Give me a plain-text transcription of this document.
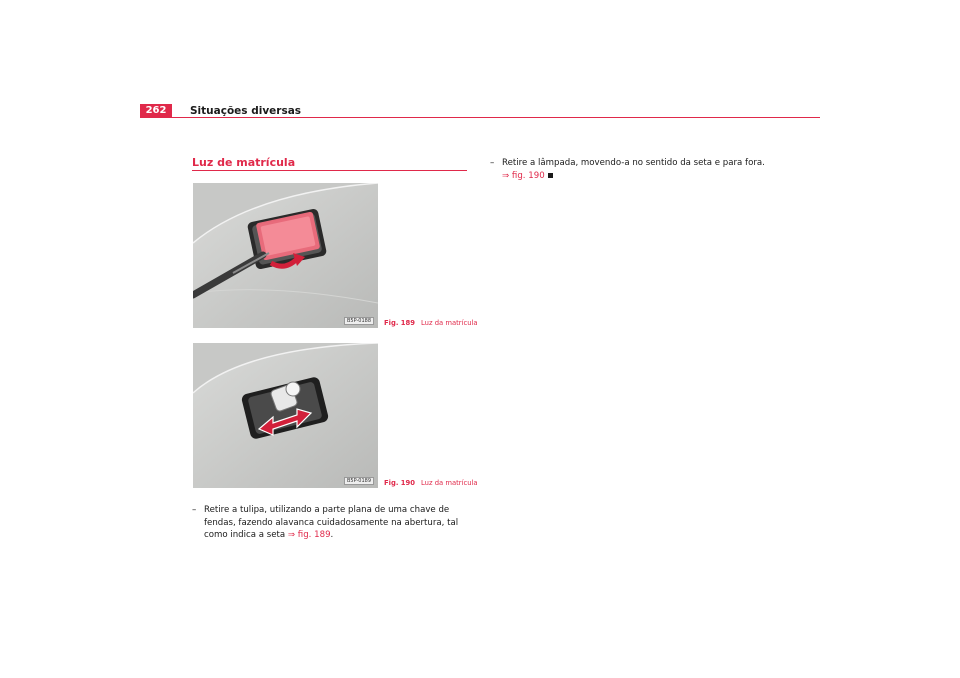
262	Situações diversas
Luz de matrícula
B5P-0188	Fig. 189 Luz da matrícula
B5P-0189	Fig. 190 Luz da matrícula
– Retire a tulipa, utilizando a parte plana de uma chave de fendas, fazendo alavanca cuidadosamente na abertura, tal como indica a seta ⇒ fig. 189.
– Retire a lâmpada, movendo-a no sentido da seta e para fora.
⇒ fig. 190
